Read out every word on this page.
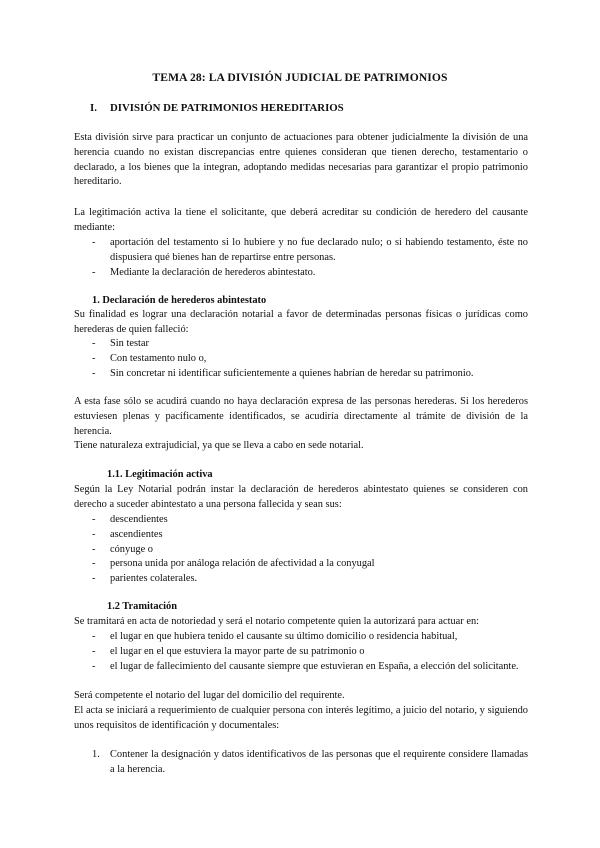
TEMA 28: LA DIVISIÓN JUDICIAL DE PATRIMONIOS
I. DIVISIÓN DE PATRIMONIOS HEREDITARIOS
Esta división sirve para practicar un conjunto de actuaciones para obtener judicialmente la división de una herencia cuando no existan discrepancias entre quienes consideran que tienen derecho, testamentario o declarado, a los bienes que la integran, adoptando medidas necesarias para garantizar el propio patrimonio hereditario.
La legitimación activa la tiene el solicitante, que deberá acreditar su condición de heredero del causante mediante:
- aportación del testamento si lo hubiere y no fue declarado nulo; o si habiendo testamento, éste no dispusiera qué bienes han de repartirse entre personas.
- Mediante la declaración de herederos abintestato.
1. Declaración de herederos abintestato
Su finalidad es lograr una declaración notarial a favor de determinadas personas físicas o jurídicas como herederas de quien falleció:
- Sin testar
- Con testamento nulo o,
- Sin concretar ni identificar suficientemente a quienes habrían de heredar su patrimonio.
A esta fase sólo se acudirá cuando no haya declaración expresa de las personas herederas. Si los herederos estuviesen plenas y pacíficamente identificados, se acudiría directamente al trámite de división de la herencia.
Tiene naturaleza extrajudicial, ya que se lleva a cabo en sede notarial.
1.1. Legitimación activa
Según la Ley Notarial podrán instar la declaración de herederos abintestato quienes se consideren con derecho a suceder abintestato a una persona fallecida y sean sus:
- descendientes
- ascendientes
- cónyuge o
- persona unida por análoga relación de afectividad a la conyugal
- parientes colaterales.
1.2 Tramitación
Se tramitará en acta de notoriedad y será el notario competente quien la autorizará para actuar en:
- el lugar en que hubiera tenido el causante su último domicilio o residencia habitual,
- el lugar en el que estuviera la mayor parte de su patrimonio o
- el lugar de fallecimiento del causante siempre que estuvieran en España, a elección del solicitante.
Será competente el notario del lugar del domicilio del requirente.
El acta se iniciará a requerimiento de cualquier persona con interés legítimo, a juicio del notario, y siguiendo unos requisitos de identificación y documentales:
1. Contener la designación y datos identificativos de las personas que el requirente considere llamadas a la herencia.
